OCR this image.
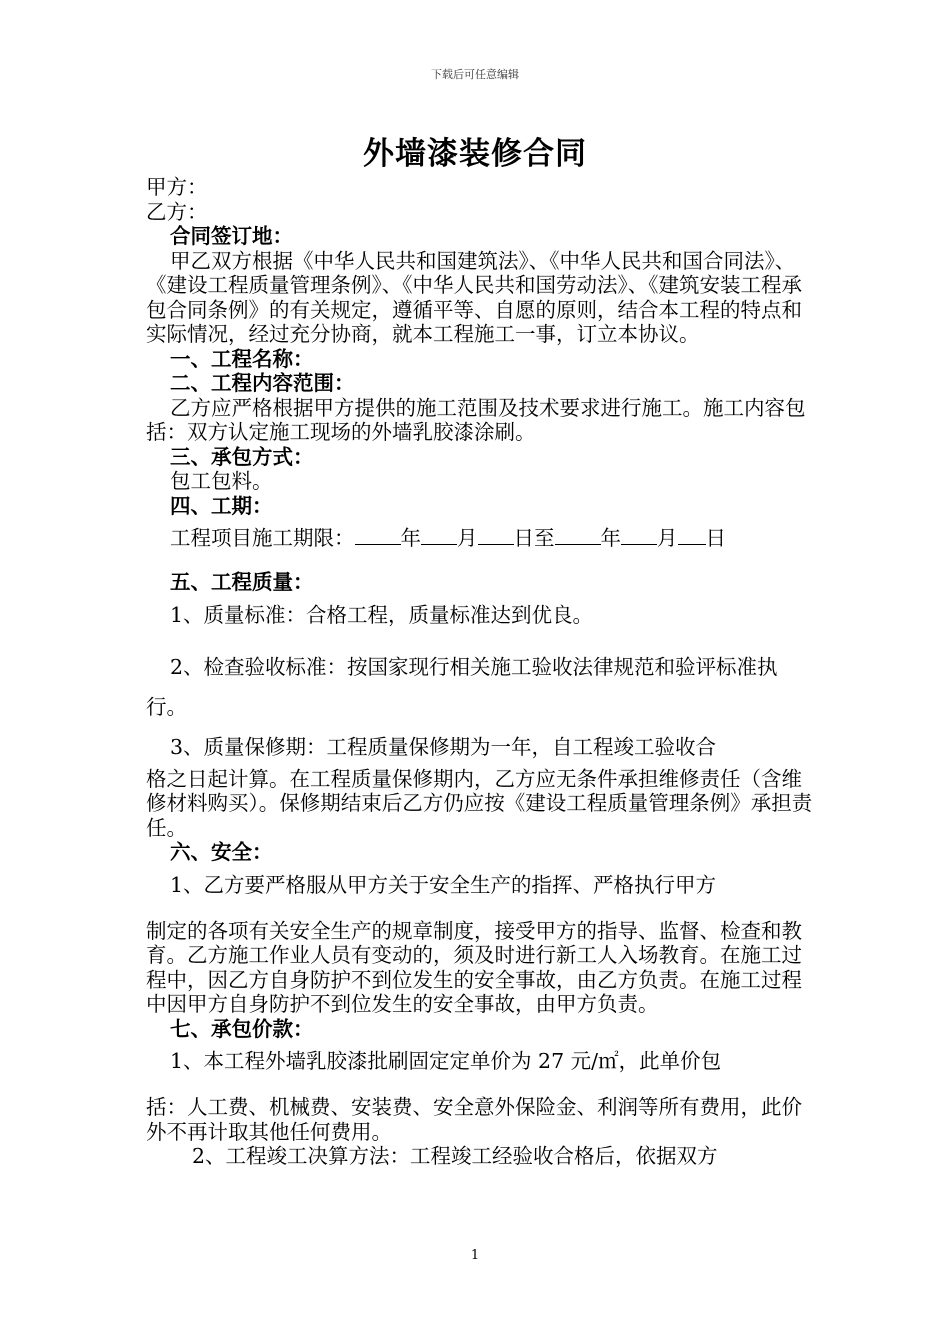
下载后可任意编辑
外墙漆装修合同

甲方：

乙方：

合同签订地：

甲乙双方根据《中华人民共和国建筑法》、《中华人民共和国合同法》、《建设工程质量管理条例》、《中华人民共和国劳动法》、《建筑安装工程承包合同条例》的有关规定，遵循平等、自愿的原则，结合本工程的特点和实际情况，经过充分协商，就本工程施工一事，订立本协议。

一、工程名称：

二、工程内容范围：

乙方应严格根据甲方提供的施工范围及技术要求进行施工。施工内容包括：双方认定施工现场的外墙乳胶漆涂刷。

三、承包方式：

包工包料。

四、工期：

工程项目施工期限： 年 月 日至 年 月 日

五、工程质量：

1、质量标准：合格工程，质量标准达到优良。

2、检查验收标准：按国家现行相关施工验收法律规范和验评标准执行。

3、质量保修期：工程质量保修期为一年，自工程竣工验收合

格之日起计算。在工程质量保修期内，乙方应无条件承担维修责任（含维修材料购买）。保修期结束后乙方仍应按《建设工程质量管理条例》承担责任。

六、安全：

1、乙方要严格服从甲方关于安全生产的指挥、严格执行甲方

制定的各项有关安全生产的规章制度，接受甲方的指导、监督、检查和教育。乙方施工作业人员有变动的，须及时进行新工人入场教育。在施工过程中，因乙方自身防护不到位发生的安全事故，由乙方负责。在施工过程中因甲方自身防护不到位发生的安全事故，由甲方负责。

七、承包价款：

1、本工程外墙乳胶漆批刷固定定单价为 27 元/㎡，此单价包

括：人工费、机械费、安装费、安全意外保险金、利润等所有费用，此价外不再计取其他任何费用。

2、工程竣工决算方法：工程竣工经验收合格后，依据双方

1
